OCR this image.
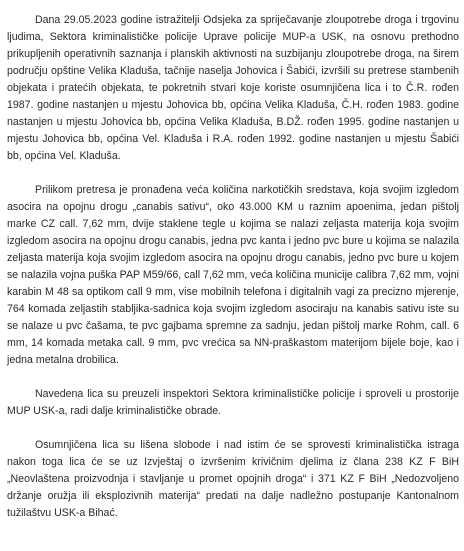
Dana 29.05.2023 godine istražitelji Odsjeka za spriječavanje zloupotrebe droga i trgovinu ljudima, Sektora kriminalističke policije Uprave policije MUP-a USK, na osnovu prethodno prikupljenih operativnih saznanja i planskih aktivnosti na suzbijanju zloupotrebe droga, na širem području opštine Velika Kladuša, tačnije naselja Johovica i Šabići, izvršili su pretrese stambenih objekata i pratećih objekata, te pokretnih stvari koje koriste osumnjičena lica i to Č.R. rođen 1987. godine nastanjen u mjestu Johovica bb, općina Velika Kladuša, Č.H. rođen 1983. godine nastanjen u mjestu Johovica bb, općina Velika Kladuša, B.DŽ. rođen 1995. godine nastanjen u mjestu Johovica bb, općina Vel. Kladuša i R.A. rođen 1992. godine nastanjen u mjestu Šabići bb, općina Vel. Kladuša.

Prilikom pretresa je pronađena veća količina narkotičkih sredstava, koja svojim izgledom asocira na opojnu drogu „canabis sativu“, oko 43.000 KM u raznim apoenima, jedan pištolj marke CZ call. 7,62 mm, dvije staklene tegle u kojima se nalazi zeljasta materija koja svojim izgledom asocira na opojnu drogu canabis, jedna pvc kanta i jedno pvc bure u kojima se nalazila zeljasta materija koja svojim izgledom asocira na opojnu drogu canabis, jedno pvc bure u kojem se nalazila vojna puška PAP M59/66, call 7,62 mm, veća količina municije calibra 7,62 mm, vojni karabin M 48 sa optikom call 9 mm, vise mobilnih telefona i digitalnih vagi za precizno mjerenje, 764 komada zeljastih stabljika-sadnica koja svojim izgledom asociraju na kanabis sativu iste su se nalaze u pvc čašama, te pvc gajbama spremne za sadnju, jedan pištolj marke Rohm, call. 6 mm, 14 komada metaka call. 9 mm, pvc vrećica sa NN-praškastom materijom bijele boje, kao i jedna metalna drobilica.

Navedena lica su preuzeli inspektori Sektora kriminalističke policije i sproveli u prostorije MUP USK-a, radi dalje kriminalističke obrade.

Osumnjičena lica su lišena slobode i nad istim će se sprovesti kriminalistička istraga nakon toga lica će se uz Izvještaj o izvršenim krivičnim djelima iz člana 238 KZ F BiH „Neovlaštena proizvodnja i stavljanje u promet opojnih droga“ i 371 KZ F BiH „Nedozvoljeno držanje oružja ili eksplozivnih materija“ predati na dalje nadležno postupanje Kantonalnom tužilaštvu USK-a Bihać.
